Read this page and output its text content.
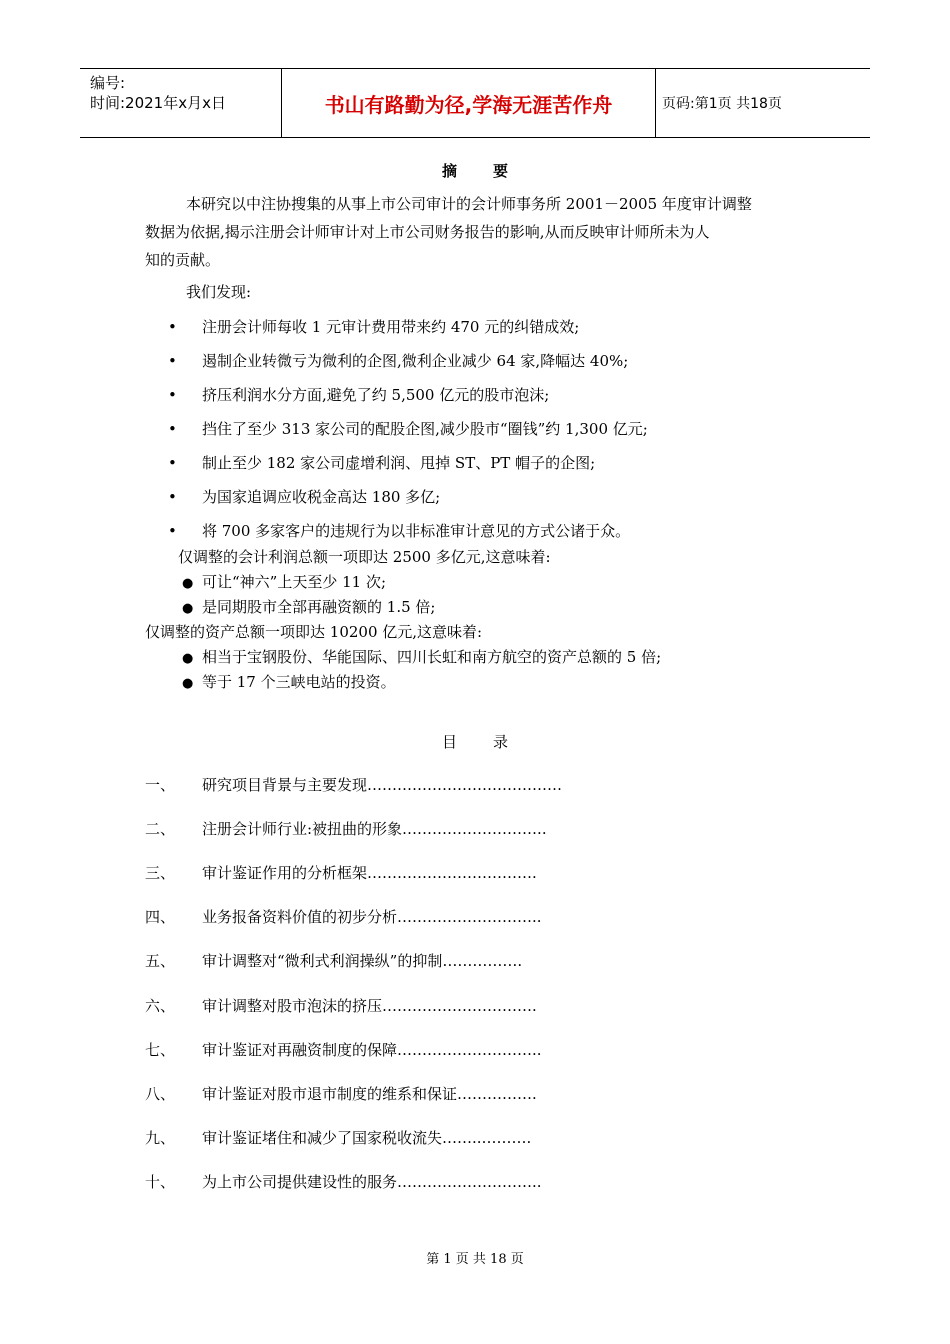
编号:
时间:2021年x月x日	书山有路勤为径,学海无涯苦作舟	页码:第1页 共18页
摘要
本研究以中注协搜集的从事上市公司审计的会计师事务所 2001－2005 年度审计调整
数据为依据,揭示注册会计师审计对上市公司财务报告的影响,从而反映审计师所未为人
知的贡献。
我们发现:
• 注册会计师每收 1 元审计费用带来约 470 元的纠错成效;
• 遏制企业转微亏为微利的企图,微利企业减少 64 家,降幅达 40%;
• 挤压利润水分方面,避免了约 5,500 亿元的股市泡沫;
• 挡住了至少 313 家公司的配股企图,减少股市“圈钱”约 1,300 亿元;
• 制止至少 182 家公司虚增利润、甩掉 ST、PT 帽子的企图;
• 为国家追调应收税金高达 180 多亿;
• 将 700 多家客户的违规行为以非标准审计意见的方式公诸于众。
仅调整的会计利润总额一项即达 2500 多亿元,这意味着:
● 可让“神六”上天至少 11 次;
● 是同期股市全部再融资额的 1.5 倍;
仅调整的资产总额一项即达 10200 亿元,这意味着:
● 相当于宝钢股份、华能国际、四川长虹和南方航空的资产总额的 5 倍;
● 等于 17 个三峡电站的投资。
目录
一、 研究项目背景与主要发现…………………………………
二、 注册会计师行业:被扭曲的形象………………………..
三、 审计鉴证作用的分析框架…………………………….
四、 业务报备资料价值的初步分析………………………..
五、 审计调整对“微利式利润操纵”的抑制…………….
六、 审计调整对股市泡沫的挤压………………………….
七、 审计鉴证对再融资制度的保障………………………..
八、 审计鉴证对股市退市制度的维系和保证…………….
九、 审计鉴证堵住和减少了国家税收流失……..……….
十、 为上市公司提供建设性的服务………………………..
第 1 页 共 18 页
